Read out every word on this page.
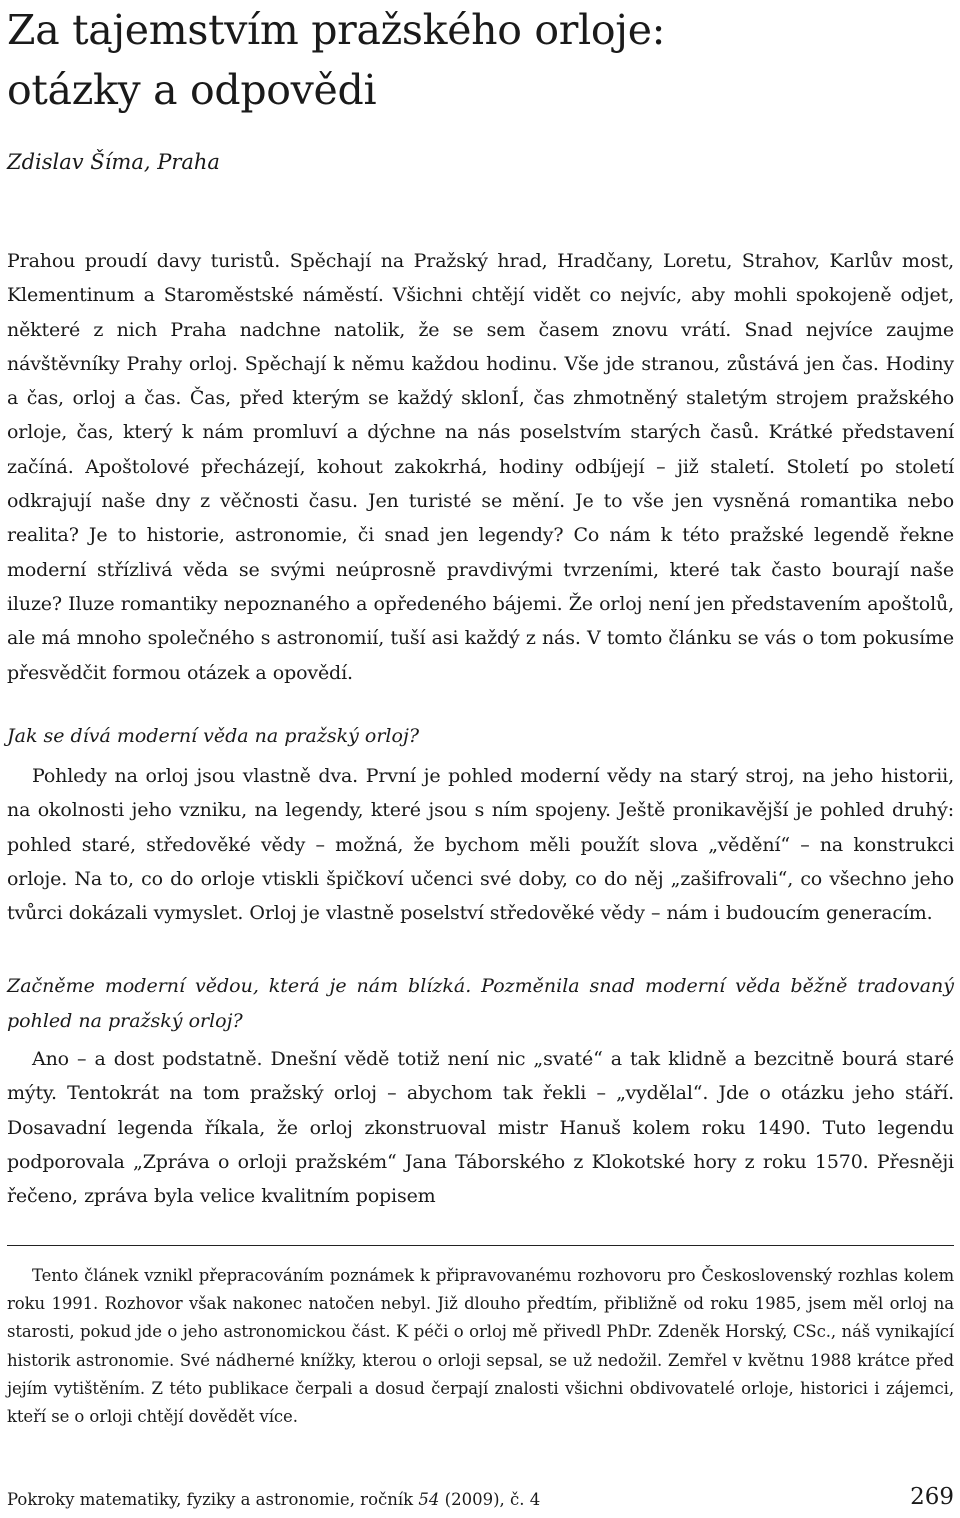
Za tajemstvím pražského orloje:
otázky a odpovědi

Zdislav Šíma, Praha

Prahou proudí davy turistů. Spěchají na Pražský hrad, Hradčany, Loretu, Strahov, Karlův most, Klementinum a Staroměstské náměstí. Všichni chtějí vidět co nejvíc, aby mohli spokojeně odjet, některé z nich Praha nadchne natolik, že se sem časem znovu vrátí. Snad nejvíce zaujme návštěvníky Prahy orloj. Spěchají k němu každou hodinu. Vše jde stranou, zůstává jen čas. Hodiny a čas, orloj a čas. Čas, před kterým se každý sklonÍ, čas zhmotněný staletým strojem pražského orloje, čas, který k nám promluví a dýchne na nás poselstvím starých časů. Krátké představení začíná. Apoštolové přecházejí, kohout zakokrhá, hodiny odbíjejí – již staletí. Století po století odkrajují naše dny z věčnosti času. Jen turisté se mění. Je to vše jen vysněná romantika nebo realita? Je to historie, astronomie, či snad jen legendy? Co nám k této pražské legendě řekne moderní střízlivá věda se svými neúprosně pravdivými tvrzeními, které tak často bourají naše iluze? Iluze romantiky nepoznaného a opředeného bájemi. Že orloj není jen představením apoštolů, ale má mnoho společného s astronomií, tuší asi každý z nás. V tomto článku se vás o tom pokusíme přesvědčit formou otázek a opovědí.

Jak se dívá moderní věda na pražský orloj?

Pohledy na orloj jsou vlastně dva. První je pohled moderní vědy na starý stroj, na jeho historii, na okolnosti jeho vzniku, na legendy, které jsou s ním spojeny. Ještě pronikavější je pohled druhý: pohled staré, středověké vědy – možná, že bychom měli použít slova „vědění“ – na konstrukci orloje. Na to, co do orloje vtiskli špičkoví učenci své doby, co do něj „zašifrovali“, co všechno jeho tvůrci dokázali vymyslet. Orloj je vlastně poselství středověké vědy – nám i budoucím generacím.

Začněme moderní vědou, která je nám blízká. Pozměnila snad moderní věda běžně tradovaný pohled na pražský orloj?

Ano – a dost podstatně. Dnešní vědě totiž není nic „svaté“ a tak klidně a bezcitně bourá staré mýty. Tentokrát na tom pražský orloj – abychom tak řekli – „vydělal“. Jde o otázku jeho stáří. Dosavadní legenda říkala, že orloj zkonstruoval mistr Hanuš kolem roku 1490. Tuto legendu podporovala „Zpráva o orloji pražském“ Jana Táborského z Klokotské hory z roku 1570. Přesněji řečeno, zpráva byla velice kvalitním popisem

Tento článek vznikl přepracováním poznámek k připravovanému rozhovoru pro Československý rozhlas kolem roku 1991. Rozhovor však nakonec natočen nebyl. Již dlouho předtím, přibližně od roku 1985, jsem měl orloj na starosti, pokud jde o jeho astronomickou část. K péči o orloj mě přivedl PhDr. Zdeněk Horský, CSc., náš vynikající historik astronomie. Své nádherné knížky, kterou o orloji sepsal, se už nedožil. Zemřel v květnu 1988 krátce před jejím vytištěním. Z této publikace čerpali a dosud čerpají znalosti všichni obdivovatelé orloje, historici i zájemci, kteří se o orloji chtějí dovědět více.

Pokroky matematiky, fyziky a astronomie, ročník 54 (2009), č. 4	269
